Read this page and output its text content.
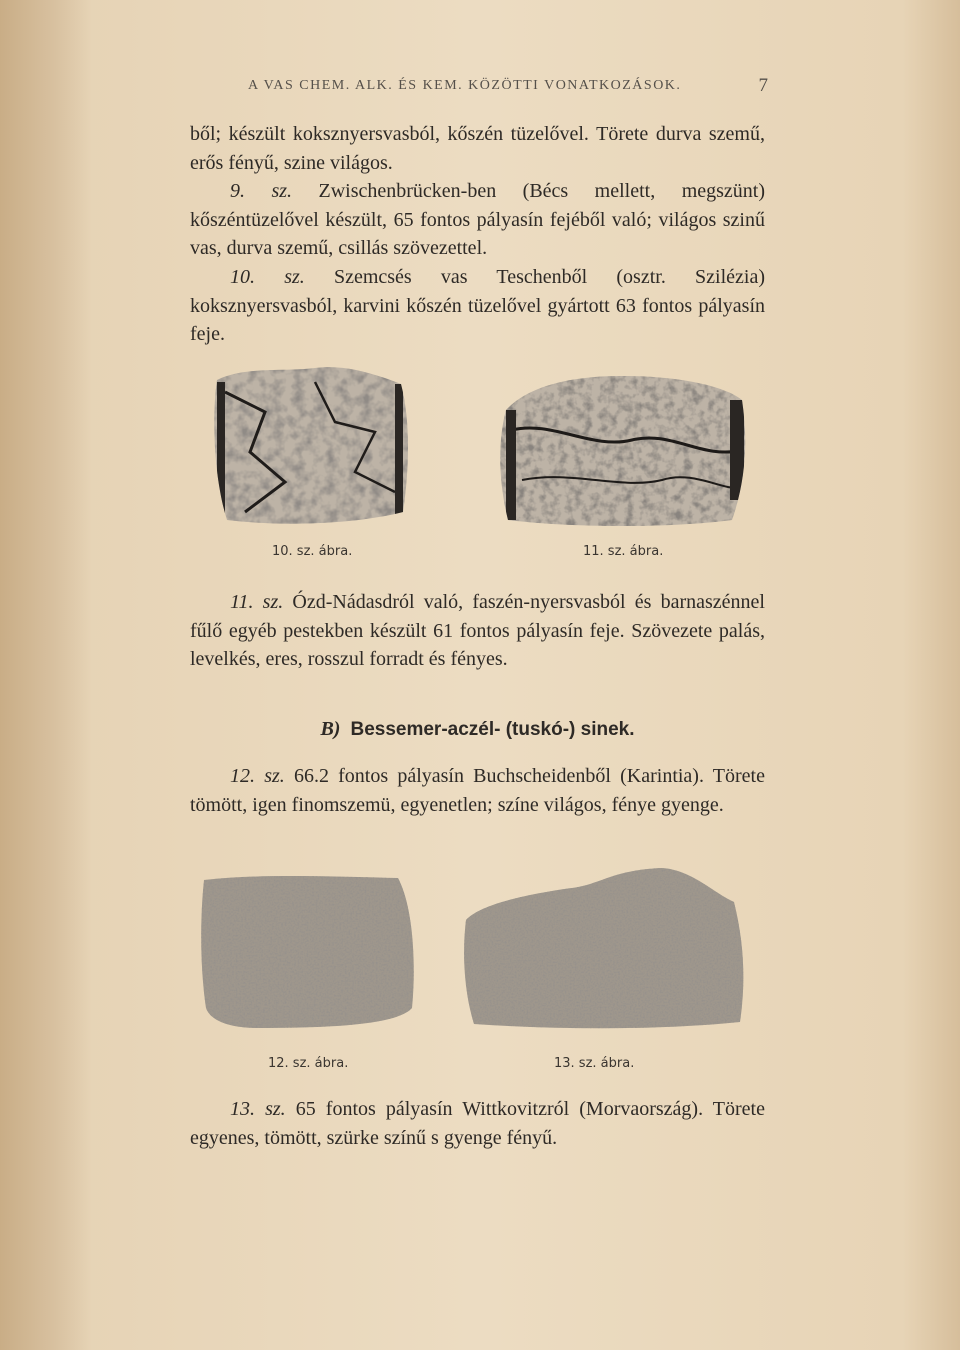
A VAS CHEM. ALK. ÉS KEM. KÖZÖTTI VONATKOZÁSOK.	7

ből; készült koksznyersvasból, kőszén tüzelővel. Törete durva szemű, erős fényű, szine világos.

9. sz. Zwischenbrücken-ben (Bécs mellett, megszünt) kőszéntüzelővel készült, 65 fontos pályasín fejéből való; világos szinű vas, durva szemű, csillás szövezettel.

10. sz. Szemcsés vas Teschenből (osztr. Szilézia) koksznyersvasból, karvini kőszén tüzelővel gyártott 63 fontos pályasín feje.

10. sz. ábra.	11. sz. ábra.

11. sz. Ózd-Nádasdról való, faszén-nyersvasból és barnaszénnel fűlő egyéb pestekben készült 61 fontos pályasín feje. Szövezete palás, levelkés, eres, rosszul forradt és fényes.

B) Bessemer-aczél- (tuskó-) sinek.

12. sz. 66.2 fontos pályasín Buchscheidenből (Karintia). Törete tömött, igen finomszemü, egyenetlen; színe világos, fénye gyenge.

12. sz. ábra.	13. sz. ábra.

13. sz. 65 fontos pályasín Wittkovitzról (Morvaország). Törete egyenes, tömött, szürke színű s gyenge fényű.
